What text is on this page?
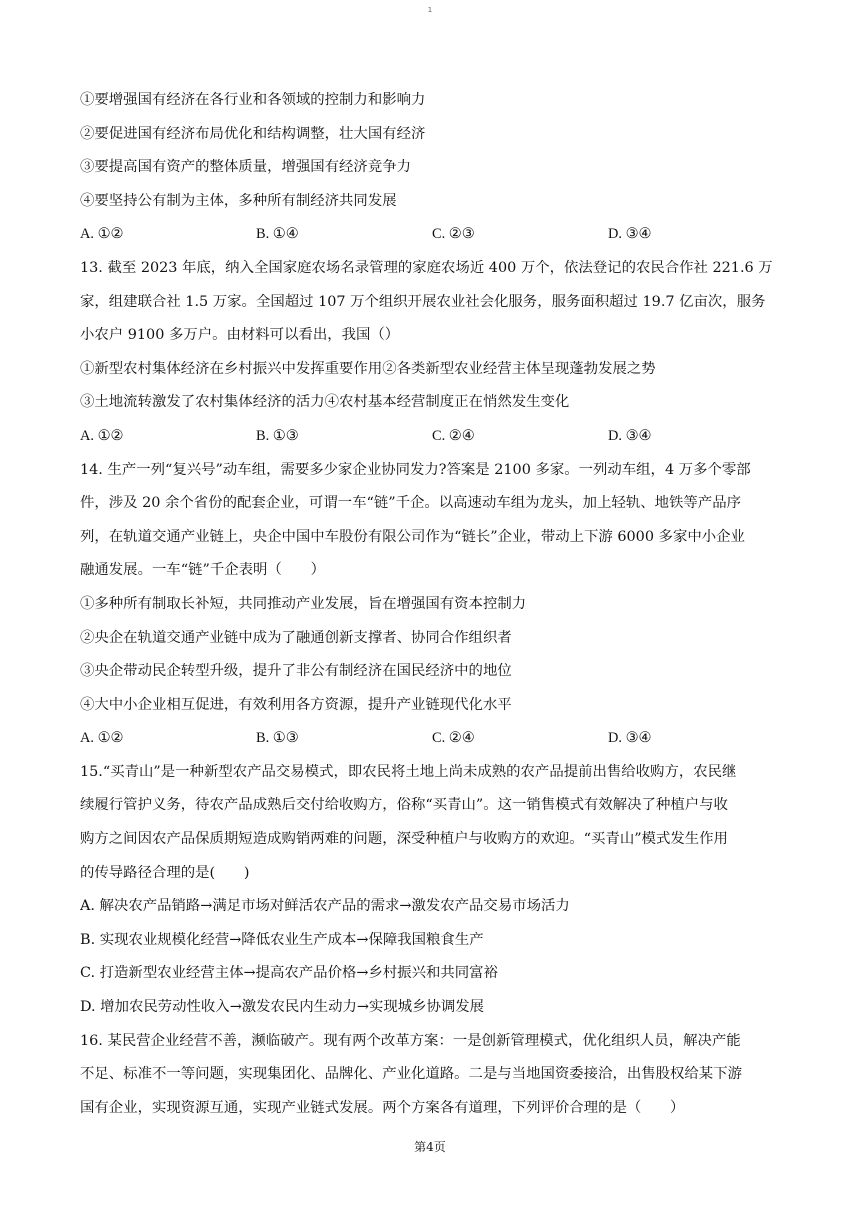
1
①要增强国有经济在各行业和各领域的控制力和影响力
②要促进国有经济布局优化和结构调整，壮大国有经济
③要提高国有资产的整体质量，增强国有经济竞争力
④要坚持公有制为主体，多种所有制经济共同发展
A. ①②	B. ①④	C. ②③	D. ③④
13. 截至 2023 年底，纳入全国家庭农场名录管理的家庭农场近 400 万个，依法登记的农民合作社 221.6 万
家，组建联合社 1.5 万家。全国超过 107 万个组织开展农业社会化服务，服务面积超过 19.7 亿亩次，服务
小农户 9100 多万户。由材料可以看出，我国（）
①新型农村集体经济在乡村振兴中发挥重要作用②各类新型农业经营主体呈现蓬勃发展之势
③土地流转激发了农村集体经济的活力④农村基本经营制度正在悄然发生变化
A. ①②	B. ①③	C. ②④	D. ③④
14. 生产一列“复兴号”动车组，需要多少家企业协同发力?答案是 2100 多家。一列动车组，4 万多个零部
件，涉及 20 余个省份的配套企业，可谓一车“链”千企。以高速动车组为龙头，加上轻轨、地铁等产品序
列，在轨道交通产业链上，央企中国中车股份有限公司作为“链长”企业，带动上下游 6000 多家中小企业
融通发展。一车“链”千企表明（　　）
①多种所有制取长补短，共同推动产业发展，旨在增强国有资本控制力
②央企在轨道交通产业链中成为了融通创新支撑者、协同合作组织者
③央企带动民企转型升级，提升了非公有制经济在国民经济中的地位
④大中小企业相互促进，有效利用各方资源，提升产业链现代化水平
A. ①②	B. ①③	C. ②④	D. ③④
15.“买青山”是一种新型农产品交易模式，即农民将土地上尚未成熟的农产品提前出售给收购方，农民继
续履行管护义务，待农产品成熟后交付给收购方，俗称“买青山”。这一销售模式有效解决了种植户与收
购方之间因农产品保质期短造成购销两难的问题，深受种植户与收购方的欢迎。“买青山”模式发生作用
的传导路径合理的是(　　)
A. 解决农产品销路→满足市场对鲜活农产品的需求→激发农产品交易市场活力
B. 实现农业规模化经营→降低农业生产成本→保障我国粮食生产
C. 打造新型农业经营主体→提高农产品价格→乡村振兴和共同富裕
D. 增加农民劳动性收入→激发农民内生动力→实现城乡协调发展
16. 某民营企业经营不善，濒临破产。现有两个改革方案：一是创新管理模式，优化组织人员，解决产能
不足、标准不一等问题，实现集团化、品牌化、产业化道路。二是与当地国资委接洽，出售股权给某下游
国有企业，实现资源互通，实现产业链式发展。两个方案各有道理，下列评价合理的是（　　）
第4页
